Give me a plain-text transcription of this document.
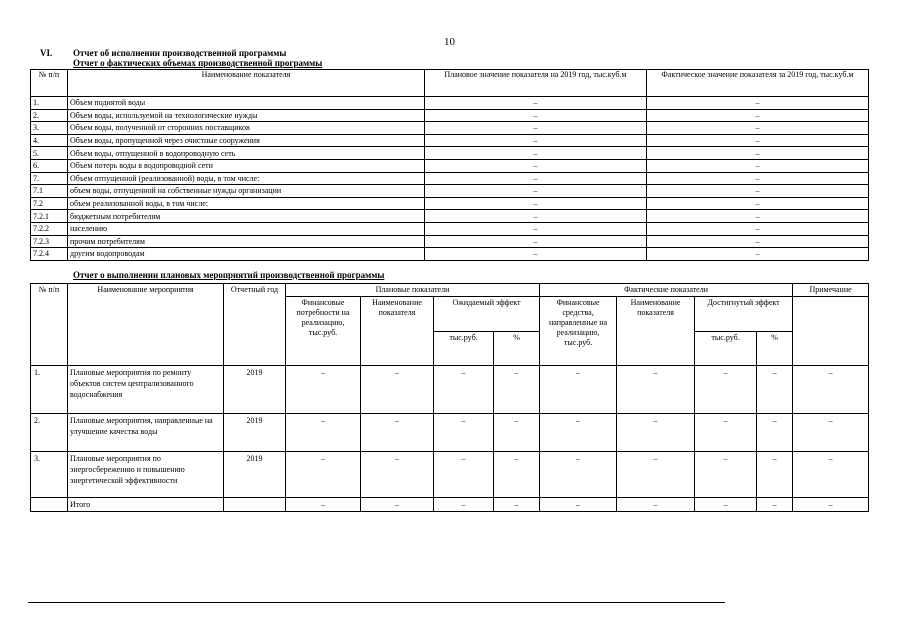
10
VI. Отчет об исполнении производственной программы
Отчет о фактических объемах производственной программы
№ п/п	Наименование показателя	Плановое значение показателя на 2019 год, тыс.куб.м	Фактическое значение показателя за 2019 год, тыс.куб.м
1.	Объем поднятой воды	–	–
2.	Объем воды, используемой на технологические нужды	–	–
3.	Объем воды, полученной от сторонних поставщиков	–	–
4.	Объем воды, пропущенной через очистные сооружения	–	–
5.	Объем воды, отпущенной в водопроводную сеть	–	–
6.	Объем потерь воды в водопроводной сети	–	–
7.	Объем отпущенной (реализованной) воды, в том числе:	–	–
7.1	объем воды, отпущенной на собственные нужды организации	–	–
7.2	объем реализованной воды, в том числе:	–	–
7.2.1	бюджетным потребителям	–	–
7.2.2	населению	–	–
7.2.3	прочим потребителям	–	–
7.2.4	другим водопроводам	–	–
Отчет о выполнении плановых мероприятий производственной программы
№ п/п	Наименование мероприятия	Отчетный год	Плановые показатели				Фактические показатели				Примечание
			Финансовые потребности на реализацию, тыс.руб.	Наименование показателя	Ожидаемый эффект		Финансовые средства, направленные на реализацию, тыс.руб.	Наименование показателя	Достигнутый эффект		
					тыс.руб.	%			тыс.руб.	%	
1.	Плановые мероприятия по ремонту объектов систем централизованного водоснабжения	2019	–	–	–	–	–	–	–	–	–
2.	Плановые мероприятия, направленные на улучшение качества воды	2019	–	–	–	–	–	–	–	–	–
3.	Плановые мероприятия по энергосбережению и повышению энергетической эффективности	2019	–	–	–	–	–	–	–	–	–
	Итого		–	–	–	–	–	–	–	–	–
